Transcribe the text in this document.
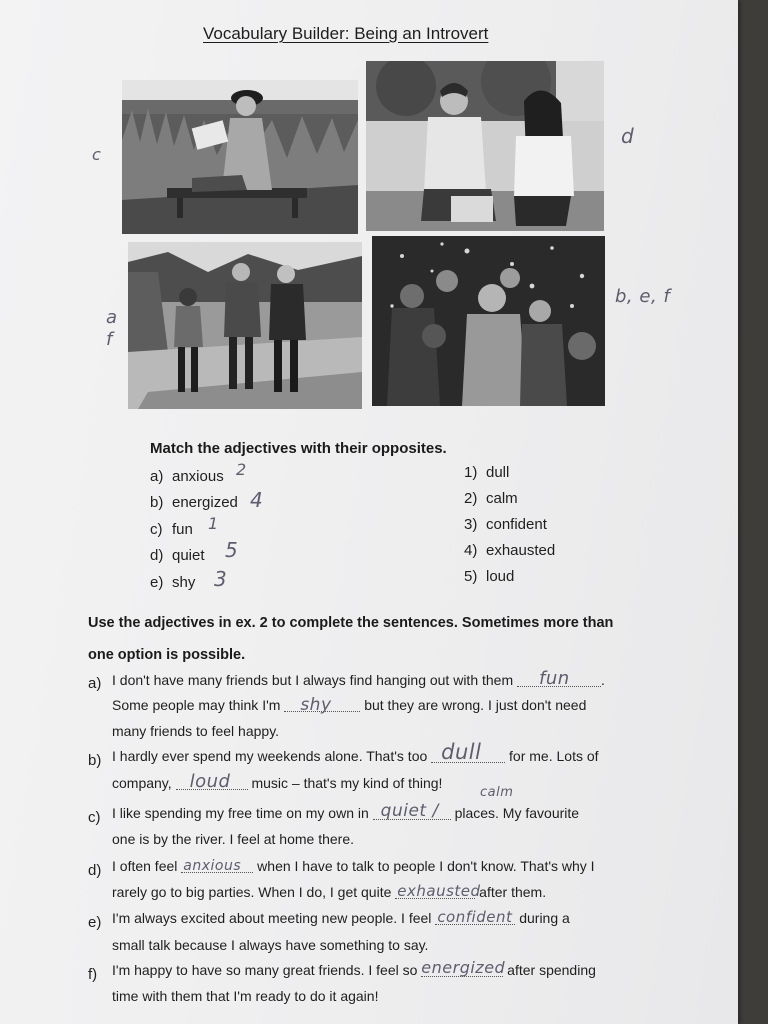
Vocabulary Builder: Being an Introvert
c
d
a
f
b, e, f
Match the adjectives with their opposites.
a) anxious 2
b) energized 4
c) fun 1
d) quiet 5
e) shy 3
1) dull
2) calm
3) confident
4) exhausted
5) loud
Use the adjectives in ex. 2 to complete the sentences. Sometimes more than
one option is possible.
a) I don't have many friends but I always find hanging out with them fun .
Some people may think I'm shy but they are wrong. I just don't need
many friends to feel happy.
b) I hardly ever spend my weekends alone. That's too dull for me. Lots of
company, loud music – that's my kind of thing!
c)
calm
I like spending my free time on my own in quiet / places. My favourite
one is by the river. I feel at home there.
d) I often feel anxious when I have to talk to people I don't know. That's why I
rarely go to big parties. When I do, I get quite exhausted
after them.
e) I'm always excited about meeting new people. I feel confident during a
small talk because I always have something to say.
f) I'm happy to have so many great friends. I feel so energized after spending
time with them that I'm ready to do it again!
